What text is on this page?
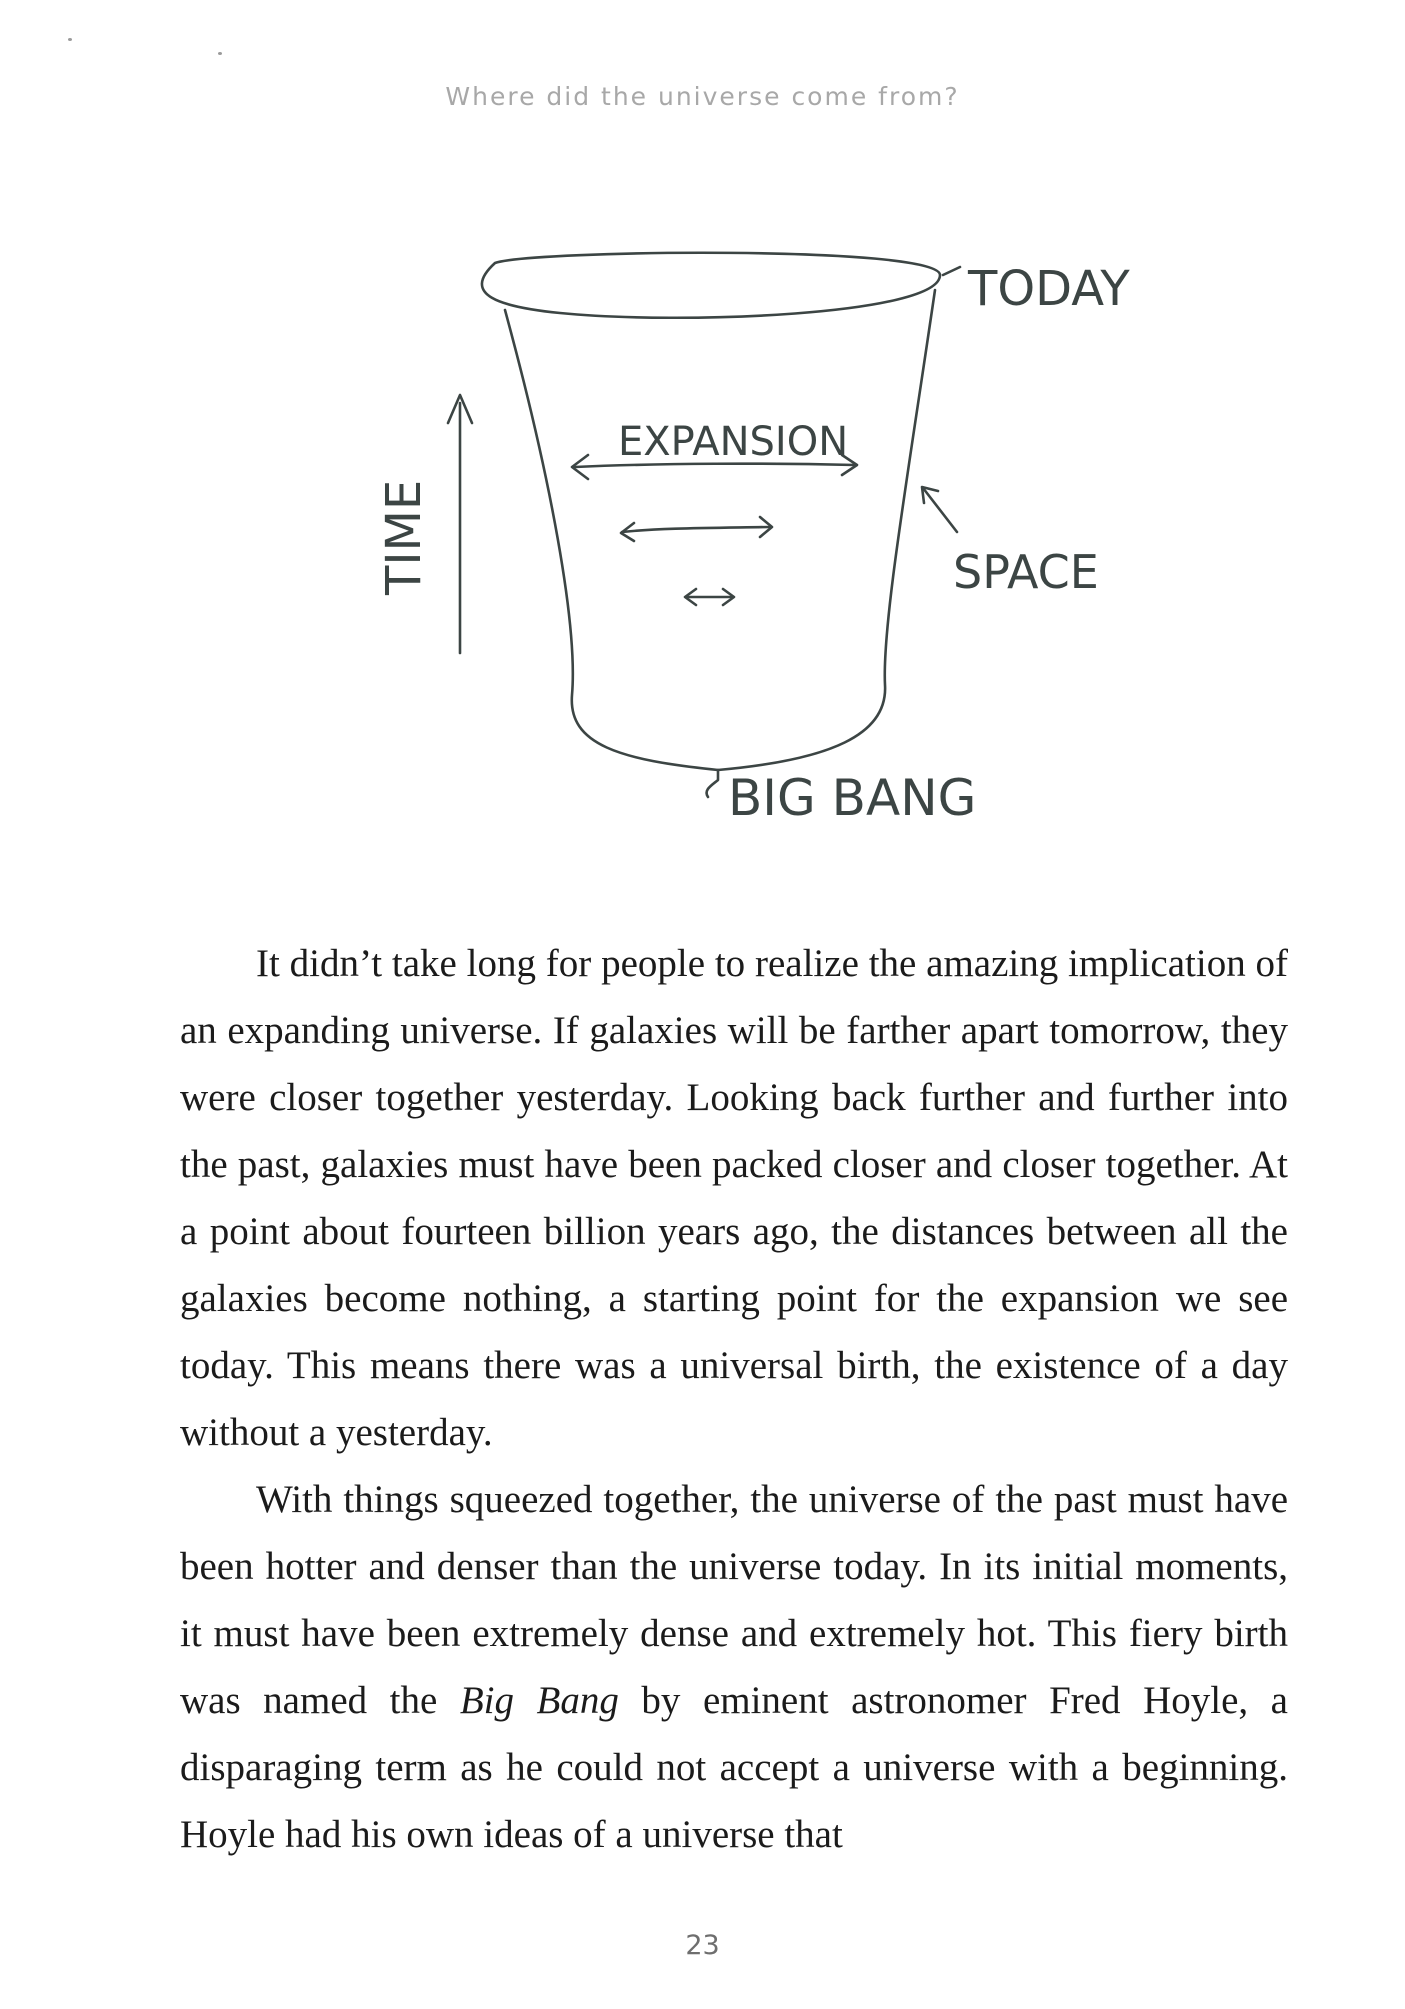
Where did the universe come from?
TODAY
TIME
EXPANSION
SPACE
BIG BANG

It didn’t take long for people to realize the amazing implication of an expanding universe. If galaxies will be farther apart tomorrow, they were closer together yesterday. Looking back further and further into the past, galaxies must have been packed closer and closer together. At a point about fourteen billion years ago, the distances between all the galaxies become nothing, a starting point for the expansion we see today. This means there was a universal birth, the existence of a day without a yesterday.

With things squeezed together, the universe of the past must have been hotter and denser than the universe today. In its initial moments, it must have been extremely dense and extremely hot. This fiery birth was named the Big Bang by eminent astronomer Fred Hoyle, a disparaging term as he could not accept a universe with a beginning. Hoyle had his own ideas of a universe that

23
